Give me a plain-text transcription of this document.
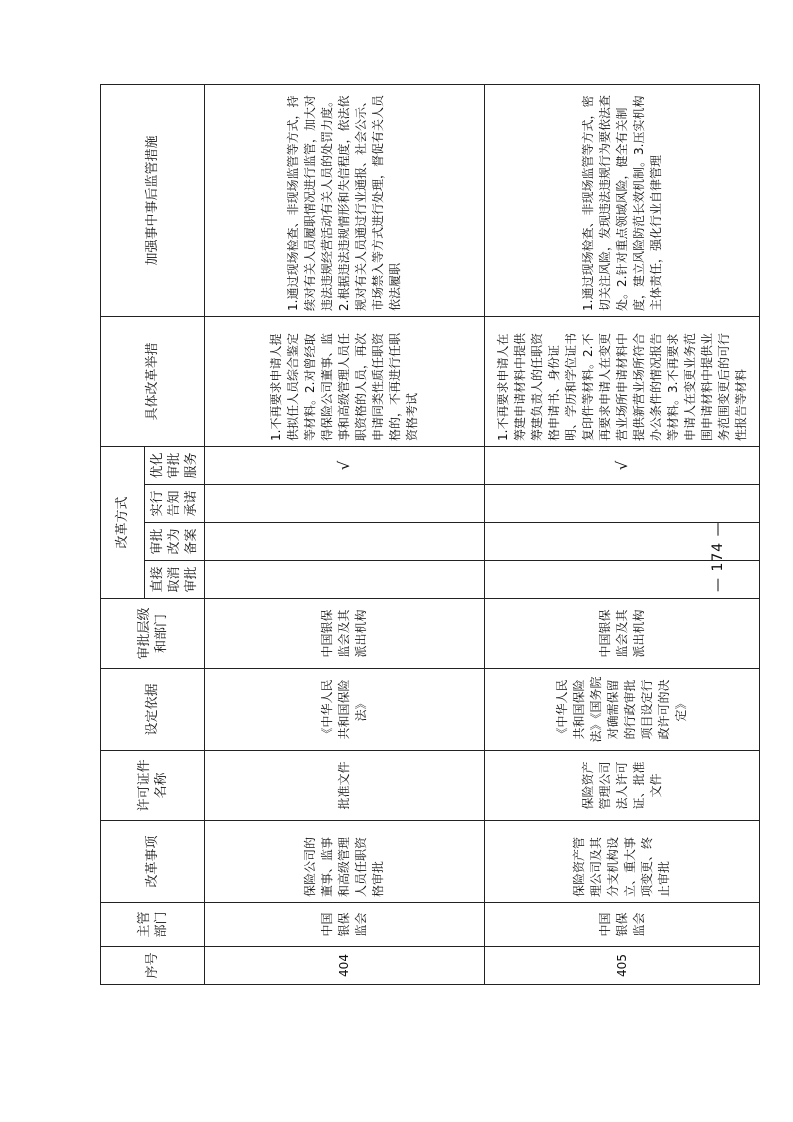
序号	主管部门	改革事项	许可证件名称	设定依据	审批层级和部门	改革方式				具体改革举措	加强事中事后监管措施
						直接取消审批	审批改为备案	实行告知承诺	优化审批服务		
404	中国银保监会	保险公司的董事、监事和高级管理人员任职资格审批	批准文件	《中华人民共和国保险法》	中国银保监会及其派出机构				√	1.不再要求申请人提供拟任人员综合鉴定等材料。2.对曾经取得保险公司董事、监事和高级管理人员任职资格的人员，再次申请同类性质任职资格的，不再进行任职资格考试	1.通过现场检查、非现场监管等方式，持续对有关人员履职情况进行监管，加大对违法违规经营活动有关人员的处罚力度。2.根据违法违规情形和失信程度，依法依规对有关人员通过行业通报、社会公示、市场禁入等方式进行处理，督促有关人员依法履职
405	中国银保监会	保险资产管理公司及其分支机构设立、重大事项变更、终止审批	保险资产管理公司法人许可证、批准文件	《中华人民共和国保险法》《国务院对确需保留的行政审批项目设定行政许可的决定》	中国银保监会及其派出机构				√	1.不再要求申请人在筹建申请材料中提供筹建负责人的任职资格申请书、身份证明、学历和学位证书复印件等材料。2.不再要求申请人在变更营业场所申请材料中提供新营业场所符合办公条件的情况报告等材料。3.不再要求申请人在变更业务范围申请材料中提供业务范围变更后的可行性报告等材料	1.通过现场检查、非现场监管等方式，密切关注风险，发现违法违规行为要依法查处。2.针对重点领域风险，健全有关制度，建立风险防范长效机制。3.压实机构主体责任，强化行业自律管理
— 174 —
